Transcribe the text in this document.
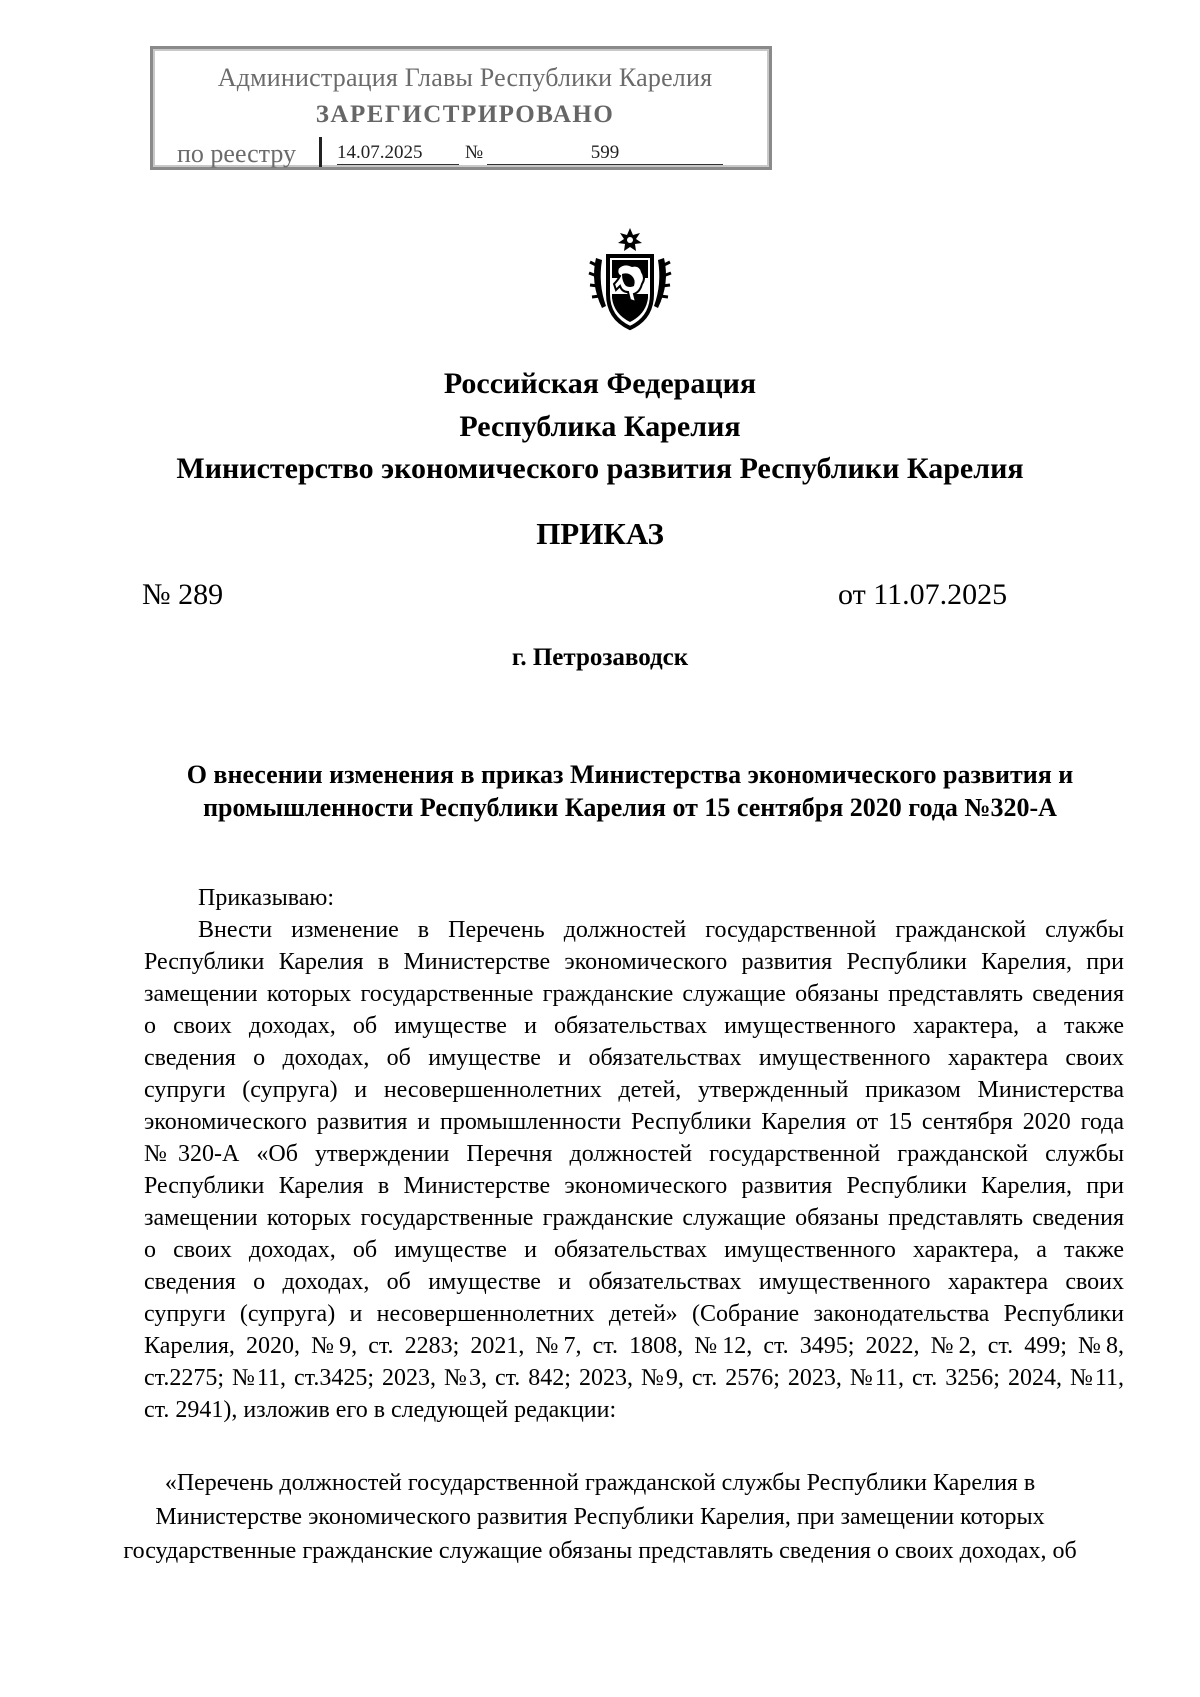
Администрация Главы Республики Карелия
ЗАРЕГИСТРИРОВАНО
по реестру 14.07.2025	№	599
Российская Федерация
Республика Карелия
Министерство экономического развития Республики Карелия
ПРИКАЗ
№ 289	от 11.07.2025
г. Петрозаводск
О внесении изменения в приказ Министерства экономического развития и
промышленности Республики Карелия от 15 сентября 2020 года №320-А
Приказываю:
Внести изменение в Перечень должностей государственной гражданской службы
Республики Карелия в Министерстве экономического развития Республики Карелия, при
замещении которых государственные гражданские служащие обязаны представлять сведения
о своих доходах, об имуществе и обязательствах имущественного характера, а также
сведения о доходах, об имуществе и обязательствах имущественного характера своих
супруги (супруга) и несовершеннолетних детей, утвержденный приказом Министерства
экономического развития и промышленности Республики Карелия от 15 сентября 2020 года
№320-А «Об утверждении Перечня должностей государственной гражданской службы
Республики Карелия в Министерстве экономического развития Республики Карелия, при
замещении которых государственные гражданские служащие обязаны представлять сведения
о своих доходах, об имуществе и обязательствах имущественного характера, а также
сведения о доходах, об имуществе и обязательствах имущественного характера своих
супруги (супруга) и несовершеннолетних детей» (Собрание законодательства Республики
Карелия, 2020, №9, ст. 2283; 2021, №7, ст. 1808, №12, ст. 3495; 2022, №2, ст. 499; №8,
ст.2275; №11, ст.3425; 2023, №3, ст. 842; 2023, №9, ст. 2576; 2023, №11, ст. 3256; 2024, №11,
ст. 2941), изложив его в следующей редакции:
«Перечень должностей государственной гражданской службы Республики Карелия в
Министерстве экономического развития Республики Карелия, при замещении которых
государственные гражданские служащие обязаны представлять сведения о своих доходах, об
